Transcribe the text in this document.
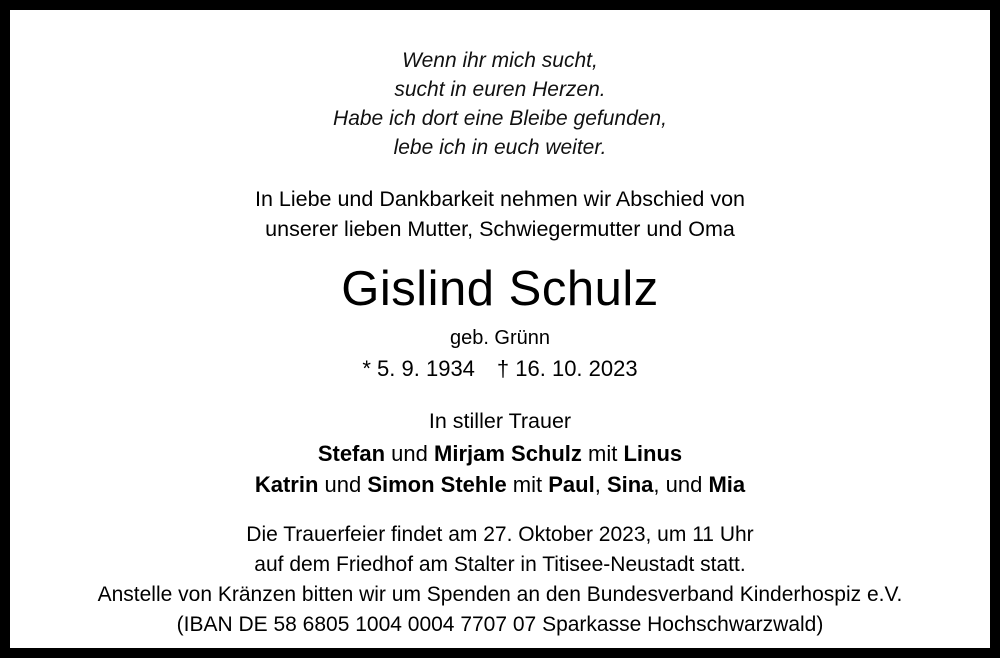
Wenn ihr mich sucht,
sucht in euren Herzen.
Habe ich dort eine Bleibe gefunden,
lebe ich in euch weiter.
In Liebe und Dankbarkeit nehmen wir Abschied von
unserer lieben Mutter, Schwiegermutter und Oma
Gislind Schulz
geb. Grünn
* 5. 9. 1934 † 16. 10. 2023
In stiller Trauer
Stefan und Mirjam Schulz mit Linus
Katrin und Simon Stehle mit Paul, Sina, und Mia
Die Trauerfeier findet am 27. Oktober 2023, um 11 Uhr
auf dem Friedhof am Stalter in Titisee-Neustadt statt.
Anstelle von Kränzen bitten wir um Spenden an den Bundesverband Kinderhospiz e.V.
(IBAN DE 58 6805 1004 0004 7707 07 Sparkasse Hochschwarzwald)
